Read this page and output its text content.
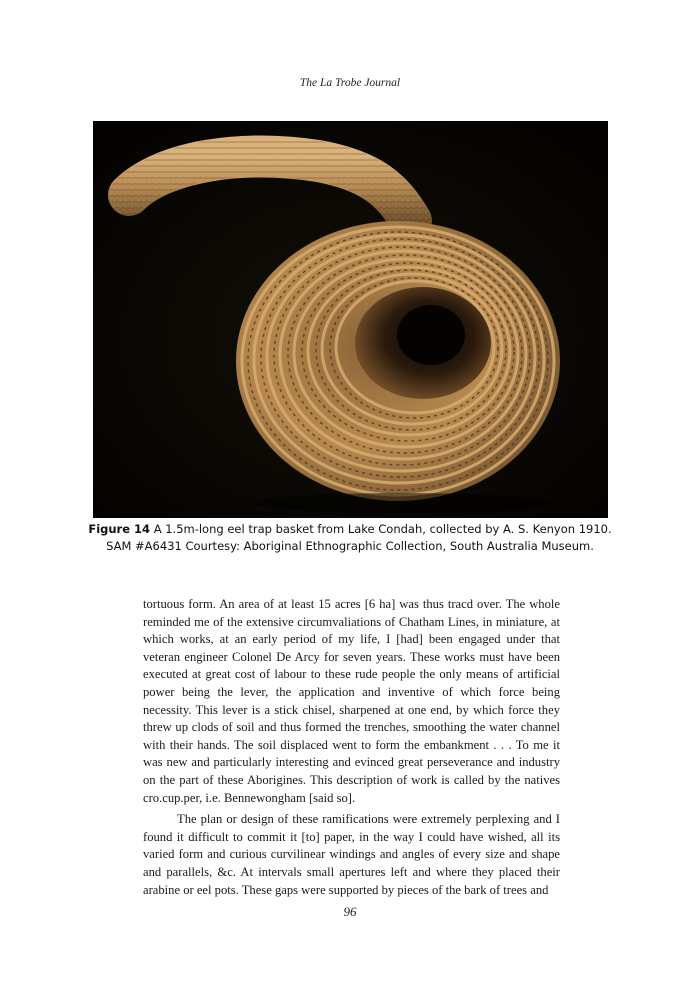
The La Trobe Journal
Figure 14 A 1.5m-long eel trap basket from Lake Condah, collected by A. S. Kenyon 1910.
SAM #A6431 Courtesy: Aboriginal Ethnographic Collection, South Australia Museum.

tortuous form. An area of at least 15 acres [6 ha] was thus tracd over. The whole reminded me of the extensive circumvaliations of Chatham Lines, in miniature, at which works, at an early period of my life, I [had] been engaged under that veteran engineer Colonel De Arcy for seven years. These works must have been executed at great cost of labour to these rude people the only means of artificial power being the lever, the application and inventive of which force being necessity. This lever is a stick chisel, sharpened at one end, by which force they threw up clods of soil and thus formed the trenches, smoothing the water channel with their hands. The soil displaced went to form the embankment . . . To me it was new and particularly interesting and evinced great perseverance and industry on the part of these Aborigines. This description of work is called by the natives cro.cup.per, i.e. Bennewongham [said so].

The plan or design of these ramifications were extremely perplexing and I found it difficult to commit it [to] paper, in the way I could have wished, all its varied form and curious curvilinear windings and angles of every size and shape and parallels, &c. At intervals small apertures left and where they placed their arabine or eel pots. These gaps were supported by pieces of the bark of trees and

96
